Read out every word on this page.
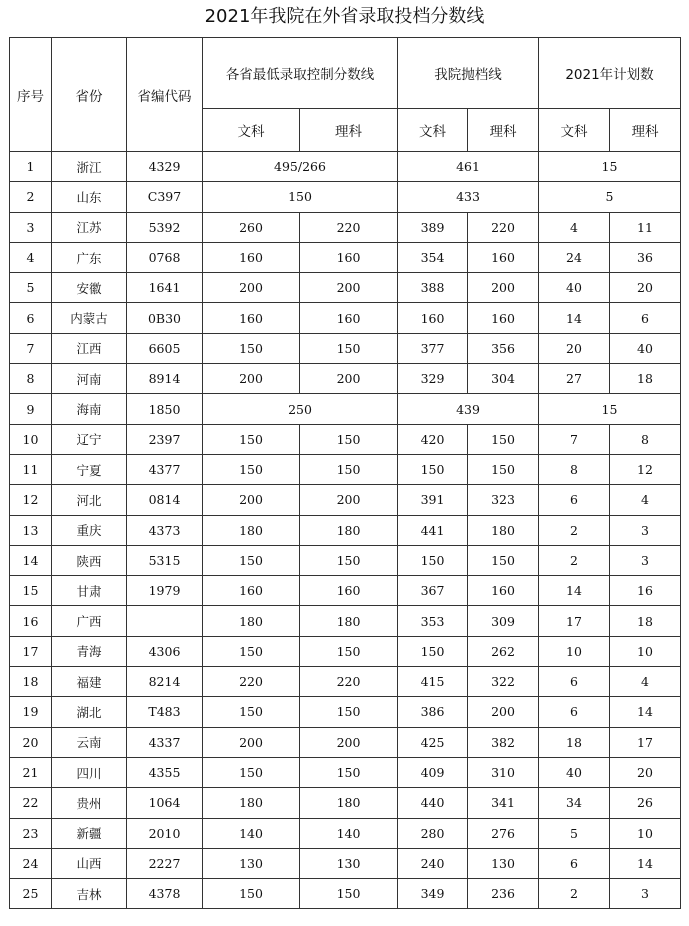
2021年我院在外省录取投档分数线
序号	省份	省编代码	各省最低录取控制分数线		我院抛档线		2021年计划数	
			文科	理科	文科	理科	文科	理科
1	浙江	4329	495/266		461		15	
2	山东	C397	150		433		5	
3	江苏	5392	260	220	389	220	4	11
4	广东	0768	160	160	354	160	24	36
5	安徽	1641	200	200	388	200	40	20
6	内蒙古	0B30	160	160	160	160	14	6
7	江西	6605	150	150	377	356	20	40
8	河南	8914	200	200	329	304	27	18
9	海南	1850	250		439		15	
10	辽宁	2397	150	150	420	150	7	8
11	宁夏	4377	150	150	150	150	8	12
12	河北	0814	200	200	391	323	6	4
13	重庆	4373	180	180	441	180	2	3
14	陕西	5315	150	150	150	150	2	3
15	甘肃	1979	160	160	367	160	14	16
16	广西		180	180	353	309	17	18
17	青海	4306	150	150	150	262	10	10
18	福建	8214	220	220	415	322	6	4
19	湖北	T483	150	150	386	200	6	14
20	云南	4337	200	200	425	382	18	17
21	四川	4355	150	150	409	310	40	20
22	贵州	1064	180	180	440	341	34	26
23	新疆	2010	140	140	280	276	5	10
24	山西	2227	130	130	240	130	6	14
25	吉林	4378	150	150	349	236	2	3
